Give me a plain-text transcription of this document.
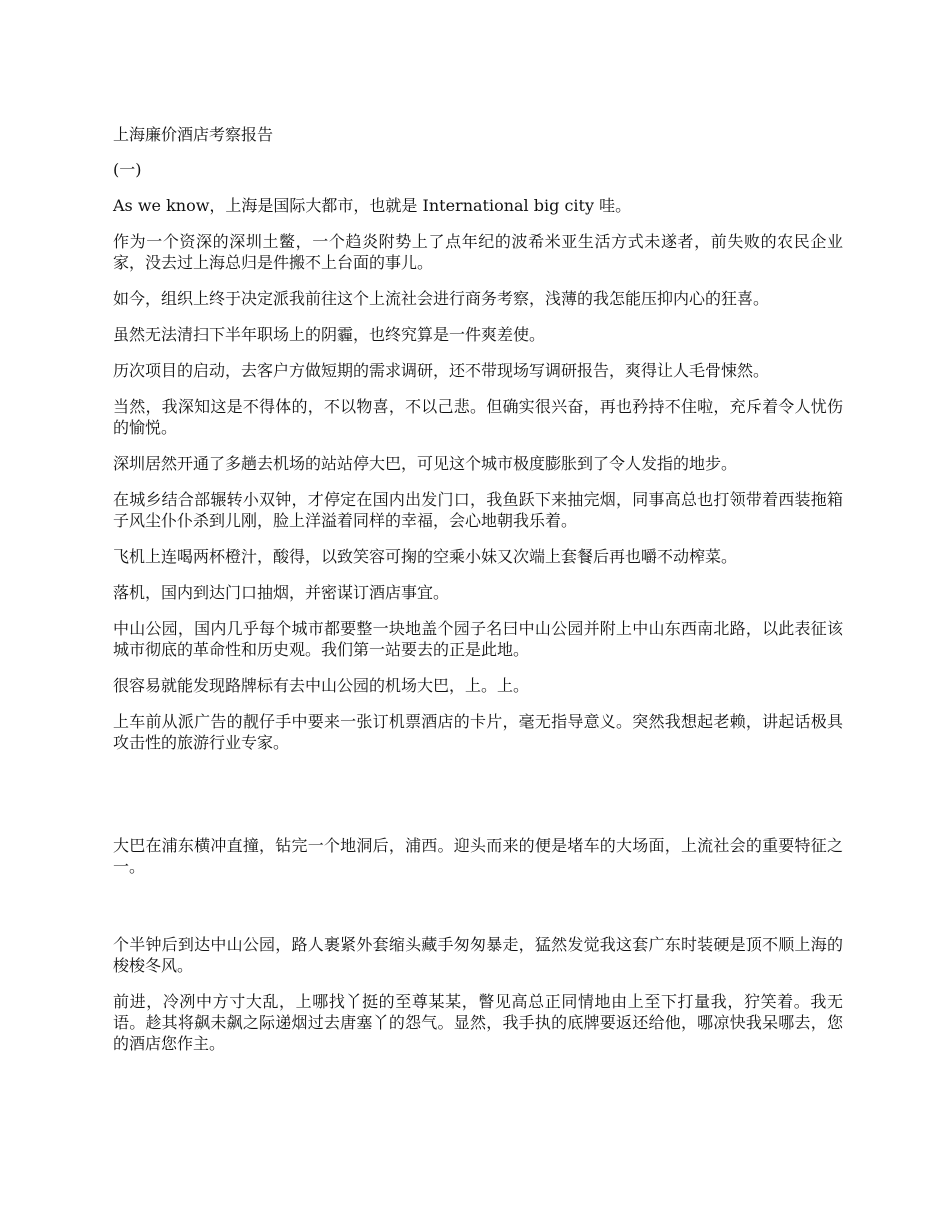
上海廉价酒店考察报告

(一)

As we know，上海是国际大都市，也就是 International big city 哇。

作为一个资深的深圳土鳖，一个趋炎附势上了点年纪的波希米亚生活方式未遂者，前失败的农民企业家，没去过上海总归是件搬不上台面的事儿。

如今，组织上终于决定派我前往这个上流社会进行商务考察，浅薄的我怎能压抑内心的狂喜。

虽然无法清扫下半年职场上的阴霾，也终究算是一件爽差使。

历次项目的启动，去客户方做短期的需求调研，还不带现场写调研报告，爽得让人毛骨悚然。

当然，我深知这是不得体的，不以物喜，不以己悲。但确实很兴奋，再也矜持不住啦，充斥着令人忧伤的愉悦。

深圳居然开通了多趟去机场的站站停大巴，可见这个城市极度膨胀到了令人发指的地步。

在城乡结合部辗转小双钟，才停定在国内出发门口，我鱼跃下来抽完烟，同事高总也打领带着西装拖箱子风尘仆仆杀到儿刚，脸上洋溢着同样的幸福，会心地朝我乐着。

飞机上连喝两杯橙汁，酸得，以致笑容可掬的空乘小妹又次端上套餐后再也嚼不动榨菜。

落机，国内到达门口抽烟，并密谋订酒店事宜。

中山公园，国内几乎每个城市都要整一块地盖个园子名曰中山公园并附上中山东西南北路，以此表征该城市彻底的革命性和历史观。我们第一站要去的正是此地。

很容易就能发现路牌标有去中山公园的机场大巴，上。上。

上车前从派广告的靓仔手中要来一张订机票酒店的卡片，毫无指导意义。突然我想起老赖，讲起话极具攻击性的旅游行业专家。

大巴在浦东横冲直撞，钻完一个地洞后，浦西。迎头而来的便是堵车的大场面，上流社会的重要特征之一。

个半钟后到达中山公园，路人裹紧外套缩头藏手匆匆暴走，猛然发觉我这套广东时装硬是顶不顺上海的梭梭冬风。

前进，冷冽中方寸大乱，上哪找丫挺的至尊某某，瞥见高总正同情地由上至下打量我，狞笑着。我无语。趁其将飙未飙之际递烟过去唐塞丫的怨气。显然，我手执的底牌要返还给他，哪凉快我呆哪去，您的酒店您作主。
